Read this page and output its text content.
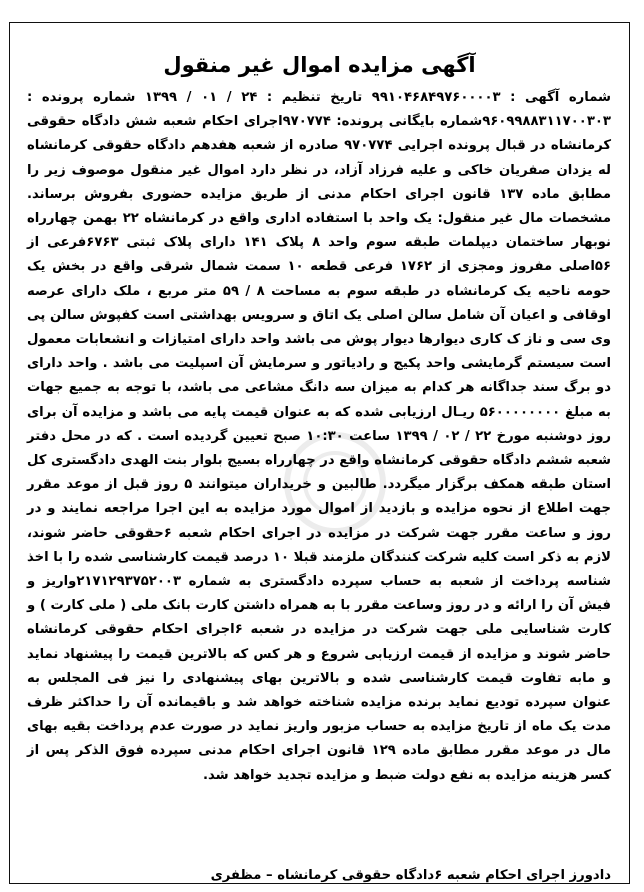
آگهی مزایده اموال غیر منقول

شماره آگهی : ۹۹۱۰۴۶۸۴۹۷۶۰۰۰۰۳ تاریخ تنظیم : ۲۴ / ۰۱ / ۱۳۹۹ شماره پرونده : ۹۶۰۹۹۸۸۳۱۱۷۰۰۳۰۳شماره بایگانی پرونده: ۹۷۰۷۷۴اجرای احکام شعبه شش دادگاه حقوقی کرمانشاه در قبال پرونده اجرایی ۹۷۰۷۷۴ صادره از شعبه هفدهم دادگاه حقوقی کرمانشاه له یزدان صفریان خاکی و علیه فرزاد آزاد، در نظر دارد اموال غیر منقول موصوف زیر را مطابق ماده ۱۳۷ قانون اجرای احکام مدنی از طریق مزایده حضوری بفروش برساند. مشخصات مال غیر منقول: یک واحد با استفاده اداری واقع در کرمانشاه ۲۲ بهمن چهارراه نوبهار ساختمان دیپلمات طبقه سوم واحد ۸ پلاک ۱۴۱ دارای پلاک ثبتی ۶۷۶۳فرعی از ۵۶اصلی مفروز ومجزی از ۱۷۶۲ فرعی قطعه ۱۰ سمت شمال شرقی واقع در بخش یک حومه ناحیه یک کرمانشاه در طبقه سوم به مساحت ۸ / ۵۹ متر مربع ، ملک دارای عرصه اوقافی و اعیان آن شامل سالن اصلی یک اتاق و سرویس بهداشتی است کفپوش سالن پی وی سی و ناز ک کاری دیوارها دیوار پوش می باشد واحد دارای امتیازات و انشعابات معمول است سیستم گرمایشی واحد پکیج و رادیاتور و سرمایش آن اسپلیت می باشد . واحد دارای دو برگ سند جداگانه هر کدام به میزان سه دانگ مشاعی می باشد، با توجه به جمیع جهات به مبلغ ۵۶۰۰۰۰۰۰۰۰ ریـال ارزیابی شده که به عنوان قیمت پایه می باشد و مزایده آن برای روز دوشنبه مورخ ۲۲ / ۰۲ / ۱۳۹۹ ساعت ۱۰:۳۰ صبح تعیین گردیده است . که در محل دفتر شعبه ششم دادگاه حقوقی کرمانشاه واقع در چهارراه بسیج بلوار بنت الهدی دادگستری کل استان طبقه همکف برگزار میگردد. طالبین و خریداران میتوانند ۵ روز قبل از موعد مقرر جهت اطلاع از نحوه مزایده و بازدید از اموال مورد مزایده به این اجرا مراجعه نمایند و در روز و ساعت مقرر جهت شرکت در مزایده در اجرای احکام شعبه ۶حقوقی حاضر شوند، لازم به ذکر است کلیه شرکت کنندگان ملزمند قبلا ۱۰ درصد قیمت کارشناسی شده را با اخذ شناسه پرداخت از شعبه به حساب سپرده دادگستری به شماره ۲۱۷۱۲۹۳۷۵۲۰۰۳واریز و فیش آن را ارائه و در روز وساعت مقرر با به همراه داشتن کارت بانک ملی ( ملی کارت ) و کارت شناسایی ملی جهت شرکت در مزایده در شعبه ۶اجرای احکام حقوقی کرمانشاه حاضر شوند و مزایده از قیمت ارزیابی شروع و هر کس که بالاترین قیمت را پیشنهاد نماید و مابه تفاوت قیمت کارشناسی شده و بالاترین بهای پیشنهادی را نیز فی المجلس به عنوان سپرده تودیع نماید برنده مزایده شناخته خواهد شد و باقیمانده آن را حداکثر ظرف مدت یک ماه از تاریخ مزایده به حساب مزبور واریز نماید در صورت عدم پرداخت بقیه بهای مال در موعد مقرر مطابق ماده ۱۲۹ قانون اجرای احکام مدنی سپرده فوق الذکر پس از کسر هزینه مزایده به نفع دولت ضبط و مزایده تجدید خواهد شد.

دادورز اجرای احکام شعبه ۶دادگاه حقوقی کرمانشاه – مظفری
